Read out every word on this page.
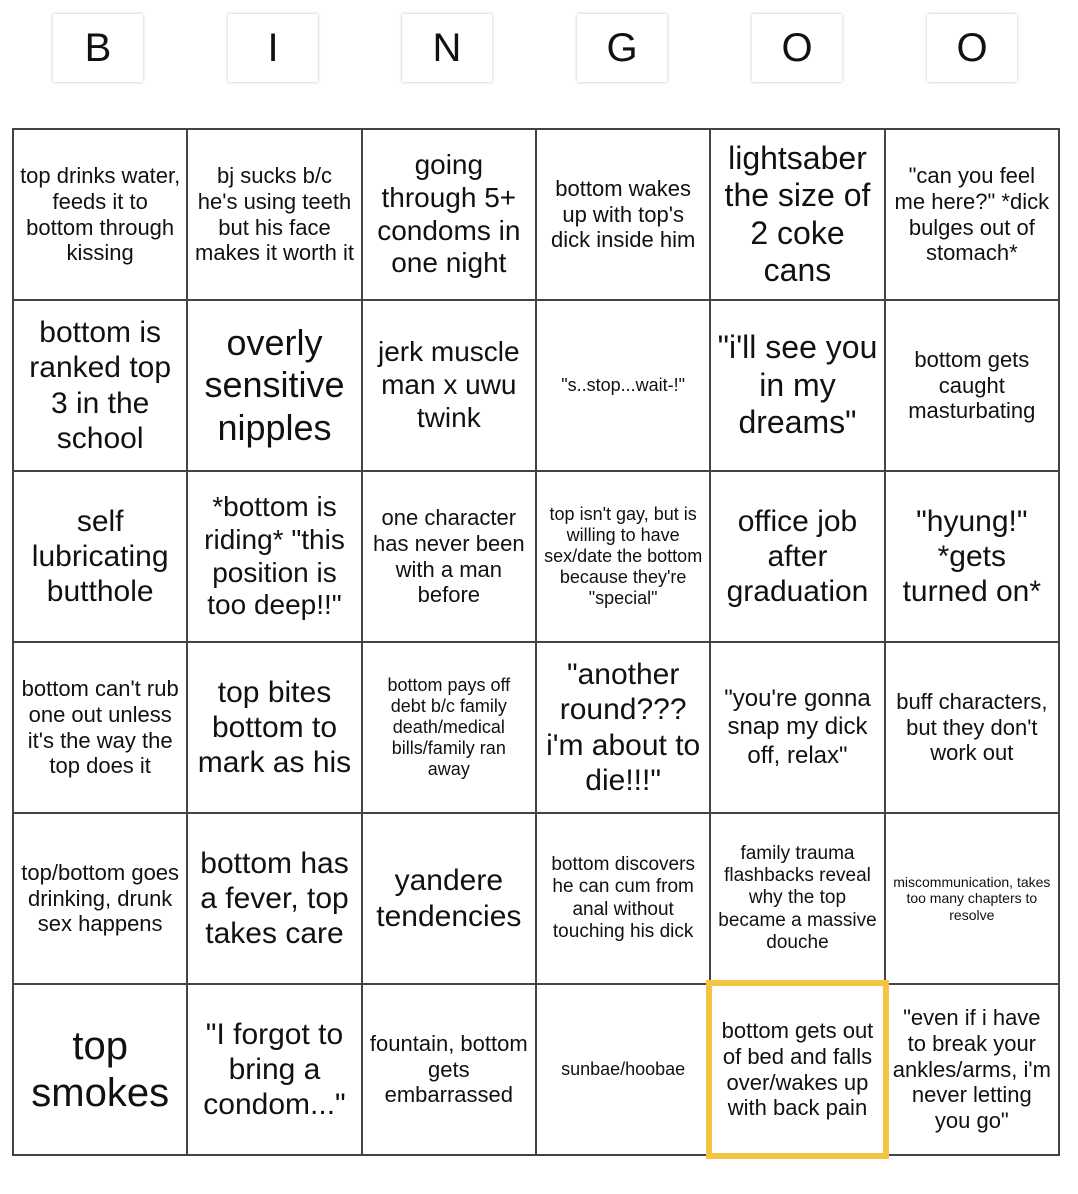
B	I	N	G	O	O
top drinks water, feeds it to bottom through kissing	bj sucks b/c he's using teeth but his face makes it worth it	going through 5+ condoms in one night	bottom wakes up with top's dick inside him	lightsaber the size of 2 coke cans	"can you feel me here?" *dick bulges out of stomach*
bottom is ranked top 3 in the school	overly sensitive nipples	jerk muscle man x uwu twink	"s..stop...wait-!"	"i'll see you in my dreams"	bottom gets caught masturbating
self lubricating butthole	*bottom is riding* "this position is too deep!!"	one character has never been with a man before	top isn't gay, but is willing to have sex/date the bottom because they're "special"	office job after graduation	"hyung!" *gets turned on*
bottom can't rub one out unless it's the way the top does it	top bites bottom to mark as his	bottom pays off debt b/c family death/medical bills/family ran away	"another round??? i'm about to die!!!"	"you're gonna snap my dick off, relax"	buff characters, but they don't work out
top/bottom goes drinking, drunk sex happens	bottom has a fever, top takes care	yandere tendencies	bottom discovers he can cum from anal without touching his dick	family trauma flashbacks reveal why the top became a massive douche	miscommunication, takes too many chapters to resolve
top smokes	"I forgot to bring a condom..."	fountain, bottom gets embarrassed	sunbae/hoobae	bottom gets out of bed and falls over/wakes up with back pain	"even if i have to break your ankles/arms, i'm never letting you go"
